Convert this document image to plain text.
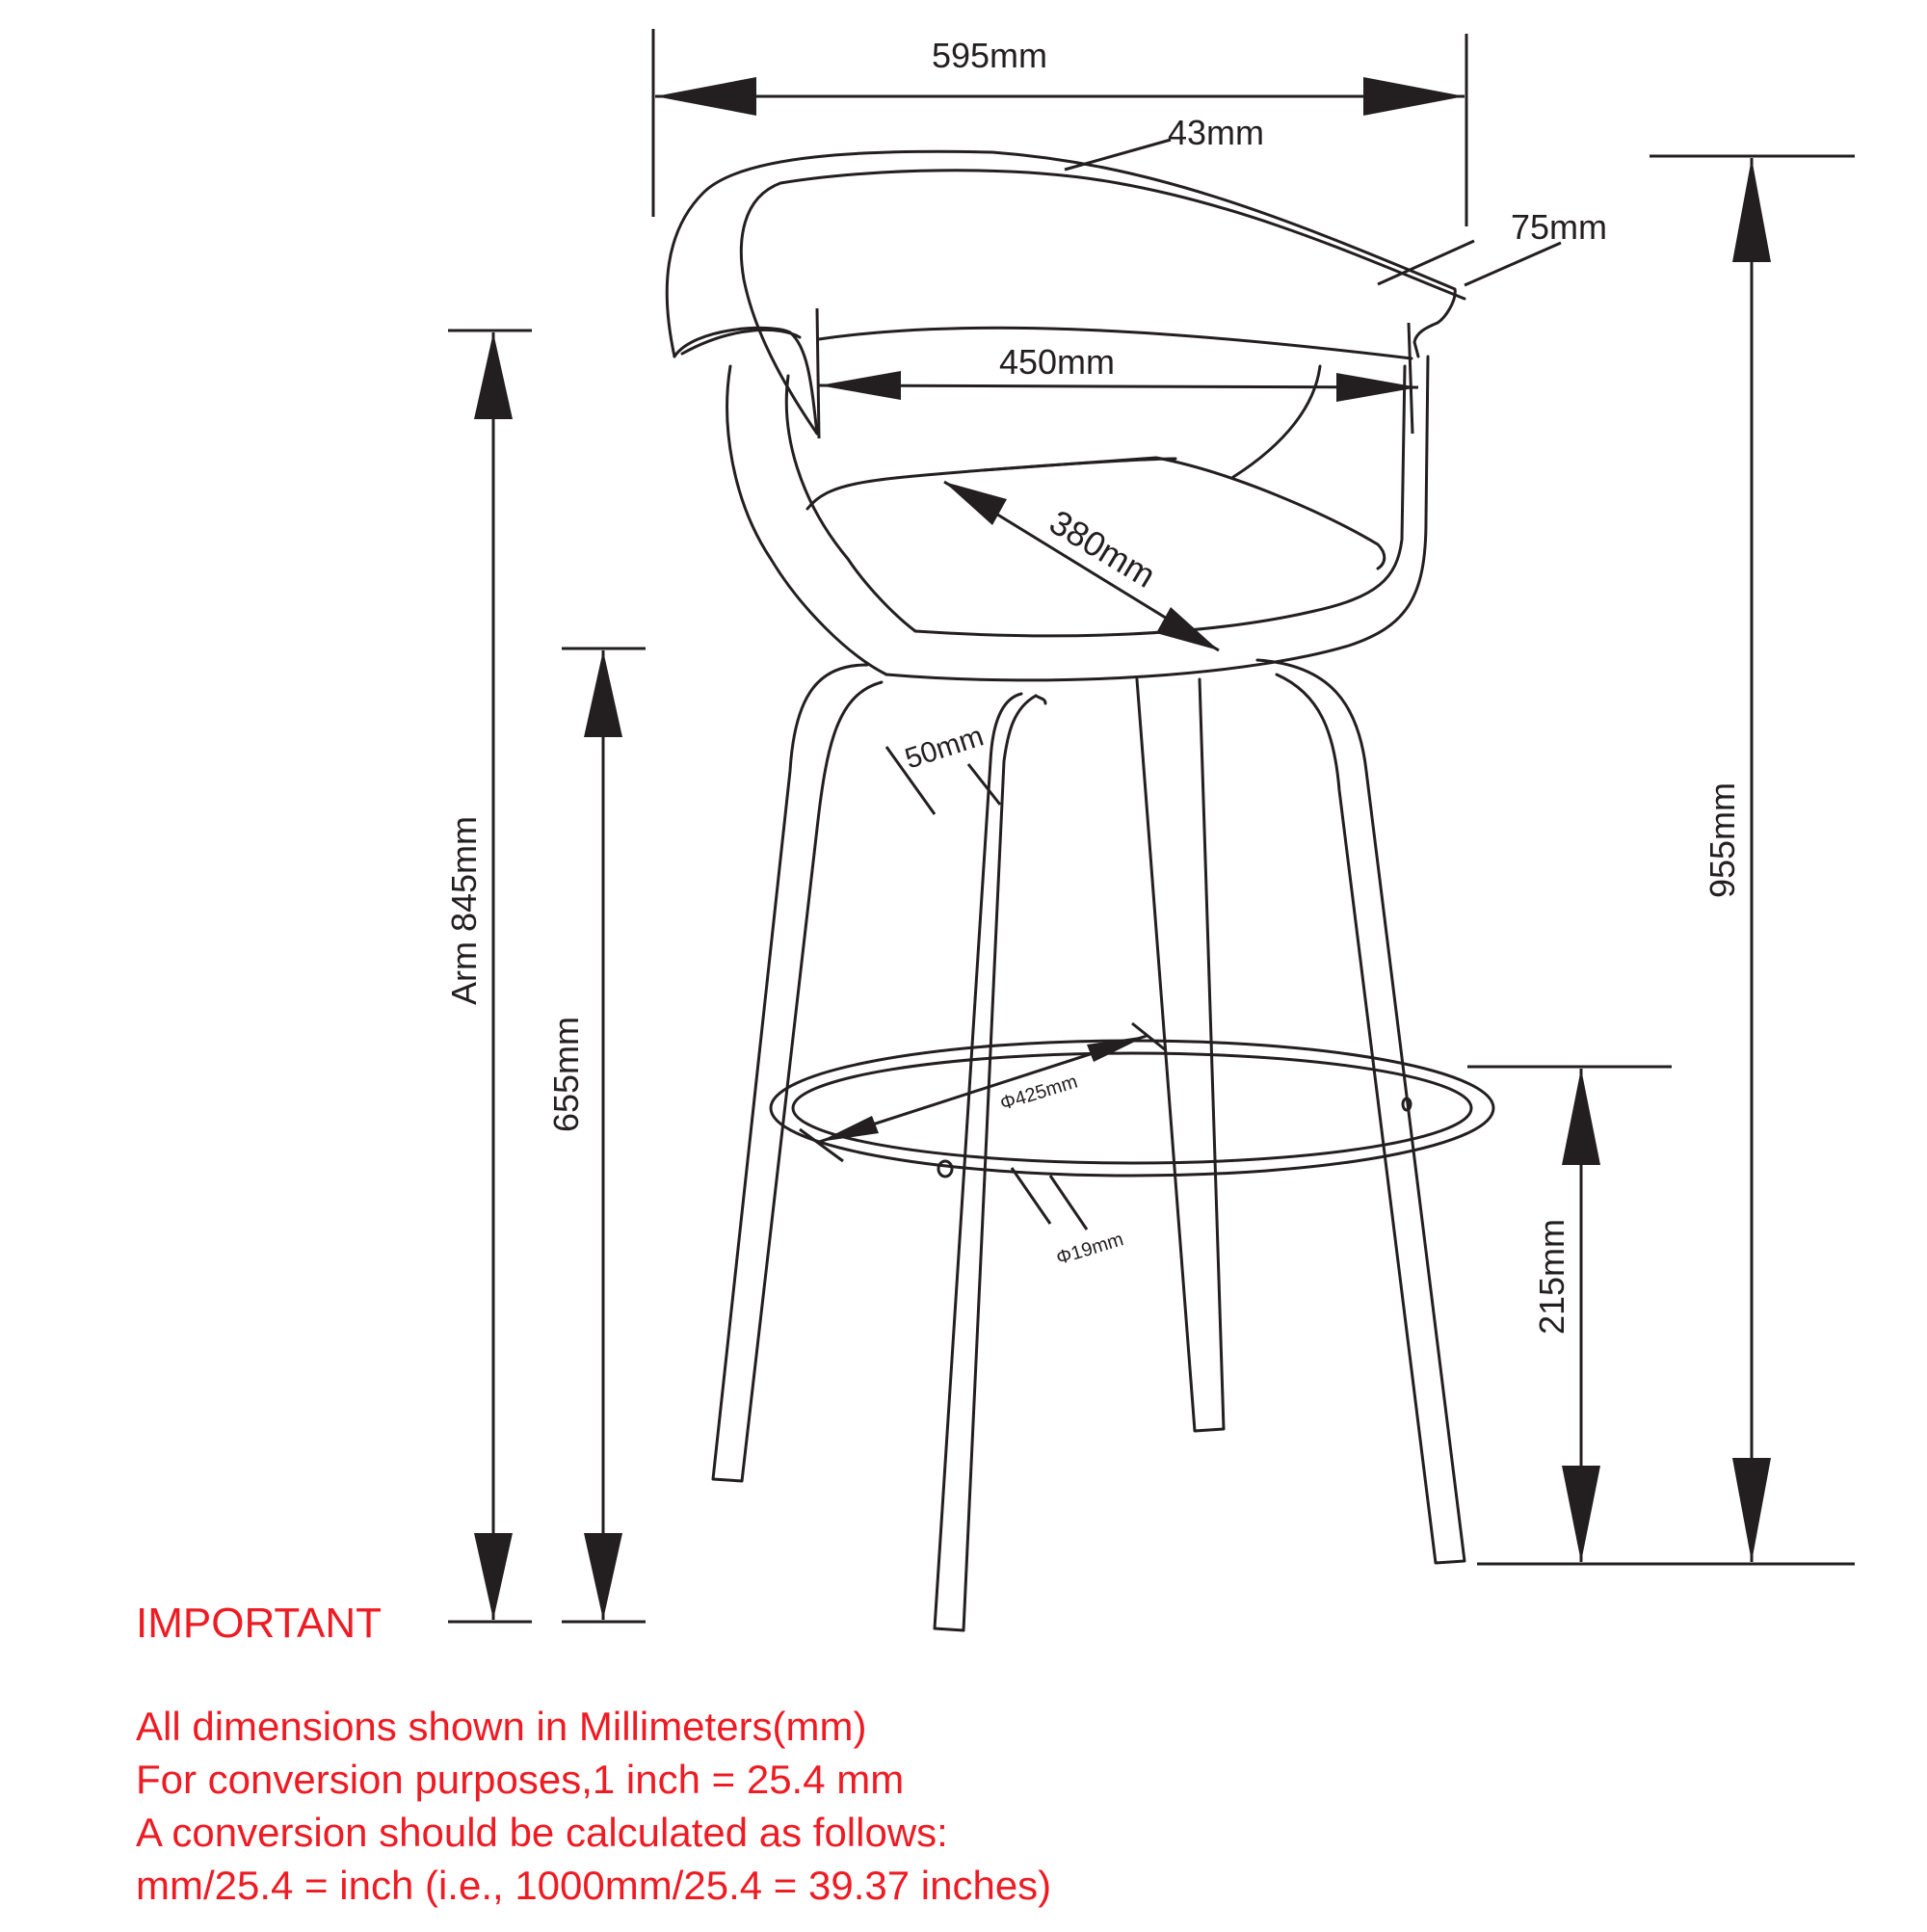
595mm
43mm
75mm
450mm
380mm
50mm
Φ425mm
Φ19mm
Arm 845mm
655mm
955mm
215mm

IMPORTANT

All dimensions shown in Millimeters(mm)

For conversion purposes,1 inch = 25.4 mm

A conversion should be calculated as follows:

mm/25.4 = inch (i.e., 1000mm/25.4 = 39.37 inches)
